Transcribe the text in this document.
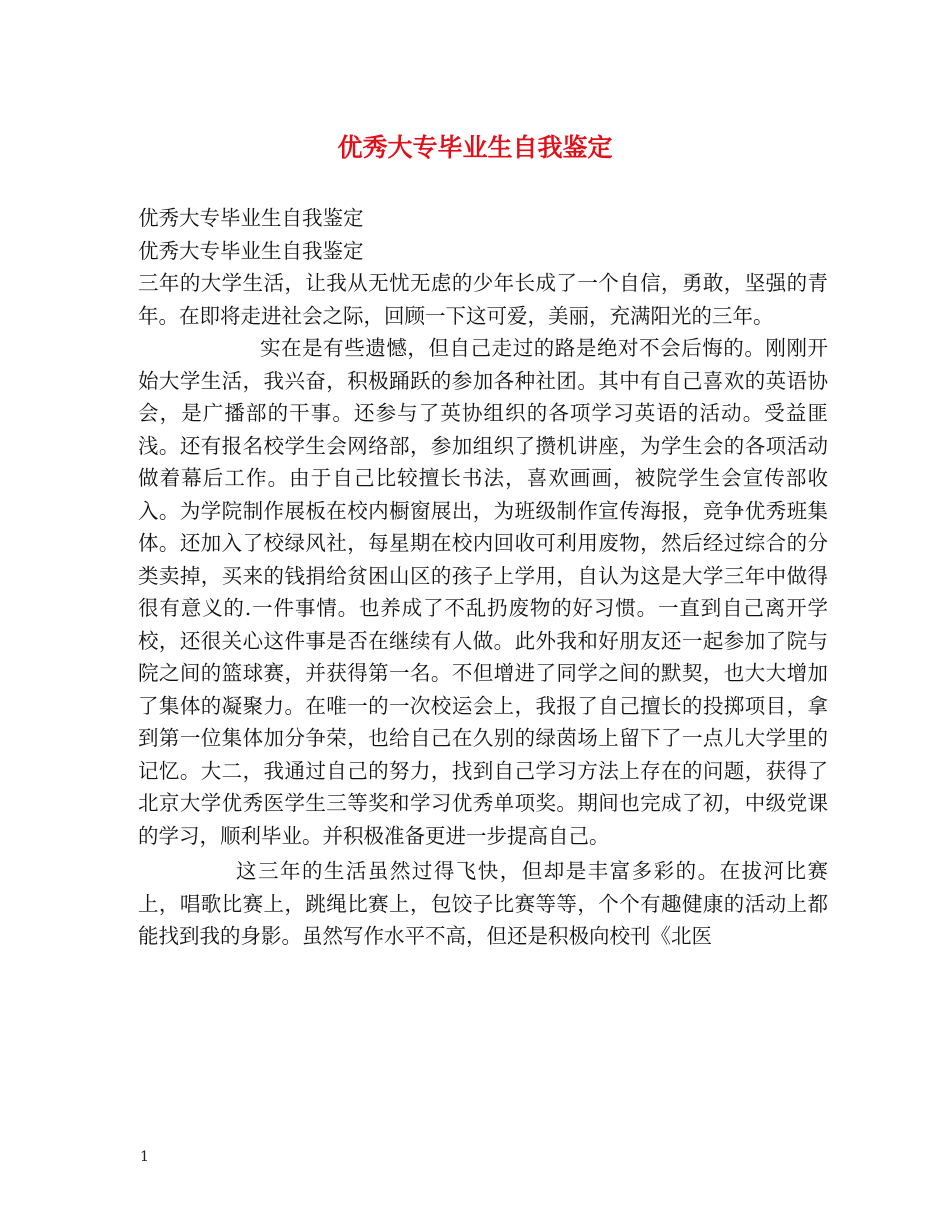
优秀大专毕业生自我鉴定

优秀大专毕业生自我鉴定

优秀大专毕业生自我鉴定

三年的大学生活，让我从无忧无虑的少年长成了一个自信，勇敢，坚强的青年。在即将走进社会之际，回顾一下这可爱，美丽，充满阳光的三年。

实在是有些遗憾，但自己走过的路是绝对不会后悔的。刚刚开始大学生活，我兴奋，积极踊跃的参加各种社团。其中有自己喜欢的英语协会，是广播部的干事。还参与了英协组织的各项学习英语的活动。受益匪浅。还有报名校学生会网络部，参加组织了攒机讲座，为学生会的各项活动做着幕后工作。由于自己比较擅长书法，喜欢画画，被院学生会宣传部收入。为学院制作展板在校内橱窗展出，为班级制作宣传海报，竞争优秀班集体。还加入了校绿风社，每星期在校内回收可利用废物，然后经过综合的分类卖掉，买来的钱捐给贫困山区的孩子上学用，自认为这是大学三年中做得很有意义的.一件事情。也养成了不乱扔废物的好习惯。一直到自己离开学校，还很关心这件事是否在继续有人做。此外我和好朋友还一起参加了院与院之间的篮球赛，并获得第一名。不但增进了同学之间的默契，也大大增加了集体的凝聚力。在唯一的一次校运会上，我报了自己擅长的投掷项目，拿到第一位集体加分争荣，也给自己在久别的绿茵场上留下了一点儿大学里的记忆。大二，我通过自己的努力，找到自己学习方法上存在的问题，获得了北京大学优秀医学生三等奖和学习优秀单项奖。期间也完成了初，中级党课的学习，顺利毕业。并积极准备更进一步提高自己。

这三年的生活虽然过得飞快，但却是丰富多彩的。在拔河比赛上，唱歌比赛上，跳绳比赛上，包饺子比赛等等，个个有趣健康的活动上都能找到我的身影。虽然写作水平不高，但还是积极向校刊《北医

1
